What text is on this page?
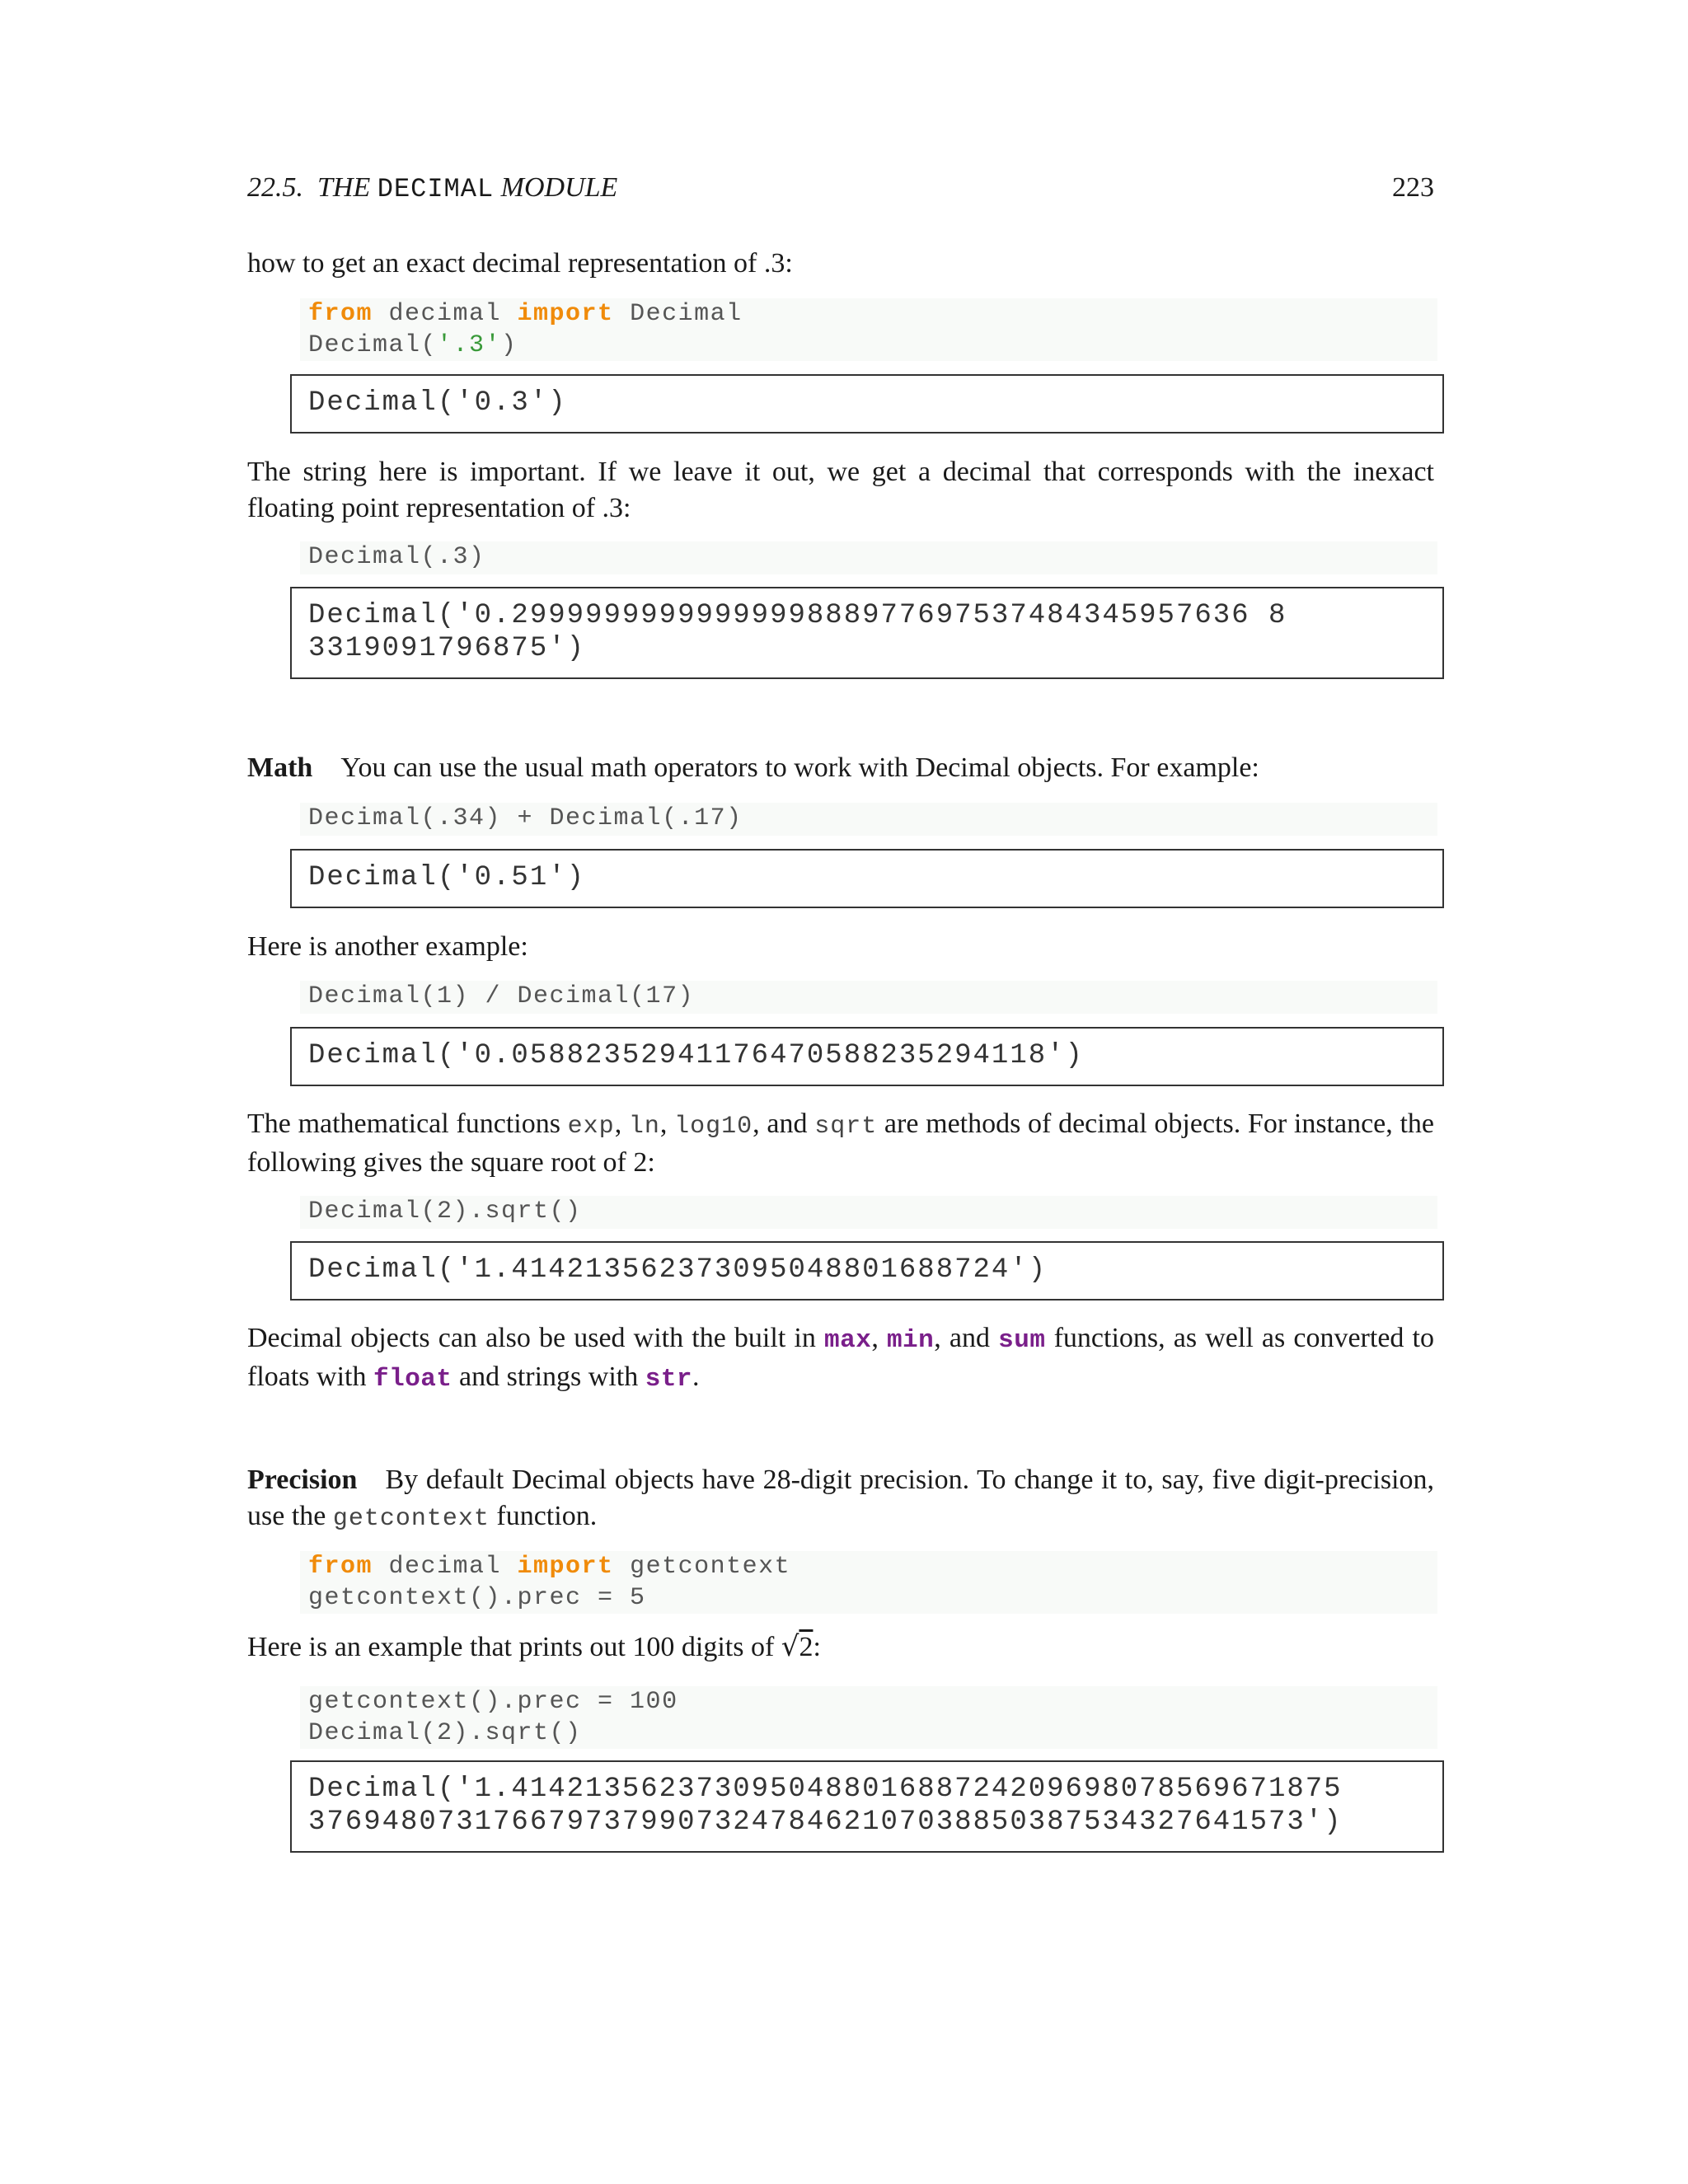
22.5. THE DECIMAL MODULE	223
how to get an exact decimal representation of .3:
from decimal import Decimal
Decimal('.3')
Decimal('0.3')
The string here is important. If we leave it out, we get a decimal that corresponds with the inexact floating point representation of .3:
Decimal(.3)
Decimal('0.2999999999999999888977697537484345957636 8
3319091796875')
Math You can use the usual math operators to work with Decimal objects. For example:
Decimal(.34) + Decimal(.17)
Decimal('0.51')
Here is another example:
Decimal(1) / Decimal(17)
Decimal('0.05882352941176470588235294118')
The mathematical functions exp, ln, log10, and sqrt are methods of decimal objects. For instance, the following gives the square root of 2:
Decimal(2).sqrt()
Decimal('1.414213562373095048801688724')
Decimal objects can also be used with the built in max, min, and sum functions, as well as converted to floats with float and strings with str.
Precision By default Decimal objects have 28-digit precision. To change it to, say, five digit-precision, use the getcontext function.
from decimal import getcontext
getcontext().prec = 5
Here is an example that prints out 100 digits of √2:
getcontext().prec = 100
Decimal(2).sqrt()
Decimal('1.414213562373095048801688724209698078569671875
376948073176679737990732478462107038850387534327641573')
